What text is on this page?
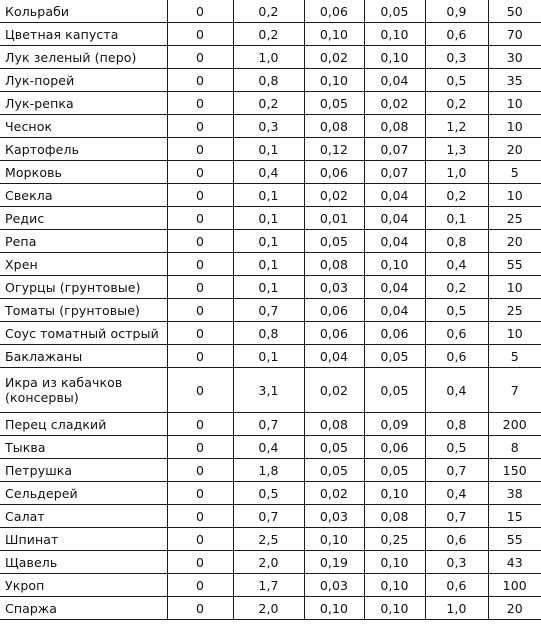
Кольраби	0	0,2	0,06	0,05	0,9	50
Цветная капуста	0	0,2	0,10	0,10	0,6	70
Лук зеленый (перо)	0	1,0	0,02	0,10	0,3	30
Лук-порей	0	0,8	0,10	0,04	0,5	35
Лук-репка	0	0,2	0,05	0,02	0,2	10
Чеснок	0	0,3	0,08	0,08	1,2	10
Картофель	0	0,1	0,12	0,07	1,3	20
Морковь	0	0,4	0,06	0,07	1,0	5
Свекла	0	0,1	0,02	0,04	0,2	10
Редис	0	0,1	0,01	0,04	0,1	25
Репа	0	0,1	0,05	0,04	0,8	20
Хрен	0	0,1	0,08	0,10	0,4	55
Огурцы (грунтовые)	0	0,1	0,03	0,04	0,2	10
Томаты (грунтовые)	0	0,7	0,06	0,04	0,5	25
Соус томатный острый	0	0,8	0,06	0,06	0,6	10
Баклажаны	0	0,1	0,04	0,05	0,6	5
Икра из кабачков (консервы)	0	3,1	0,02	0,05	0,4	7
Перец сладкий	0	0,7	0,08	0,09	0,8	200
Тыква	0	0,4	0,05	0,06	0,5	8
Петрушка	0	1,8	0,05	0,05	0,7	150
Сельдерей	0	0,5	0,02	0,10	0,4	38
Салат	0	0,7	0,03	0,08	0,7	15
Шпинат	0	2,5	0,10	0,25	0,6	55
Щавель	0	2,0	0,19	0,10	0,3	43
Укроп	0	1,7	0,03	0,10	0,6	100
Спаржа	0	2,0	0,10	0,10	1,0	20
